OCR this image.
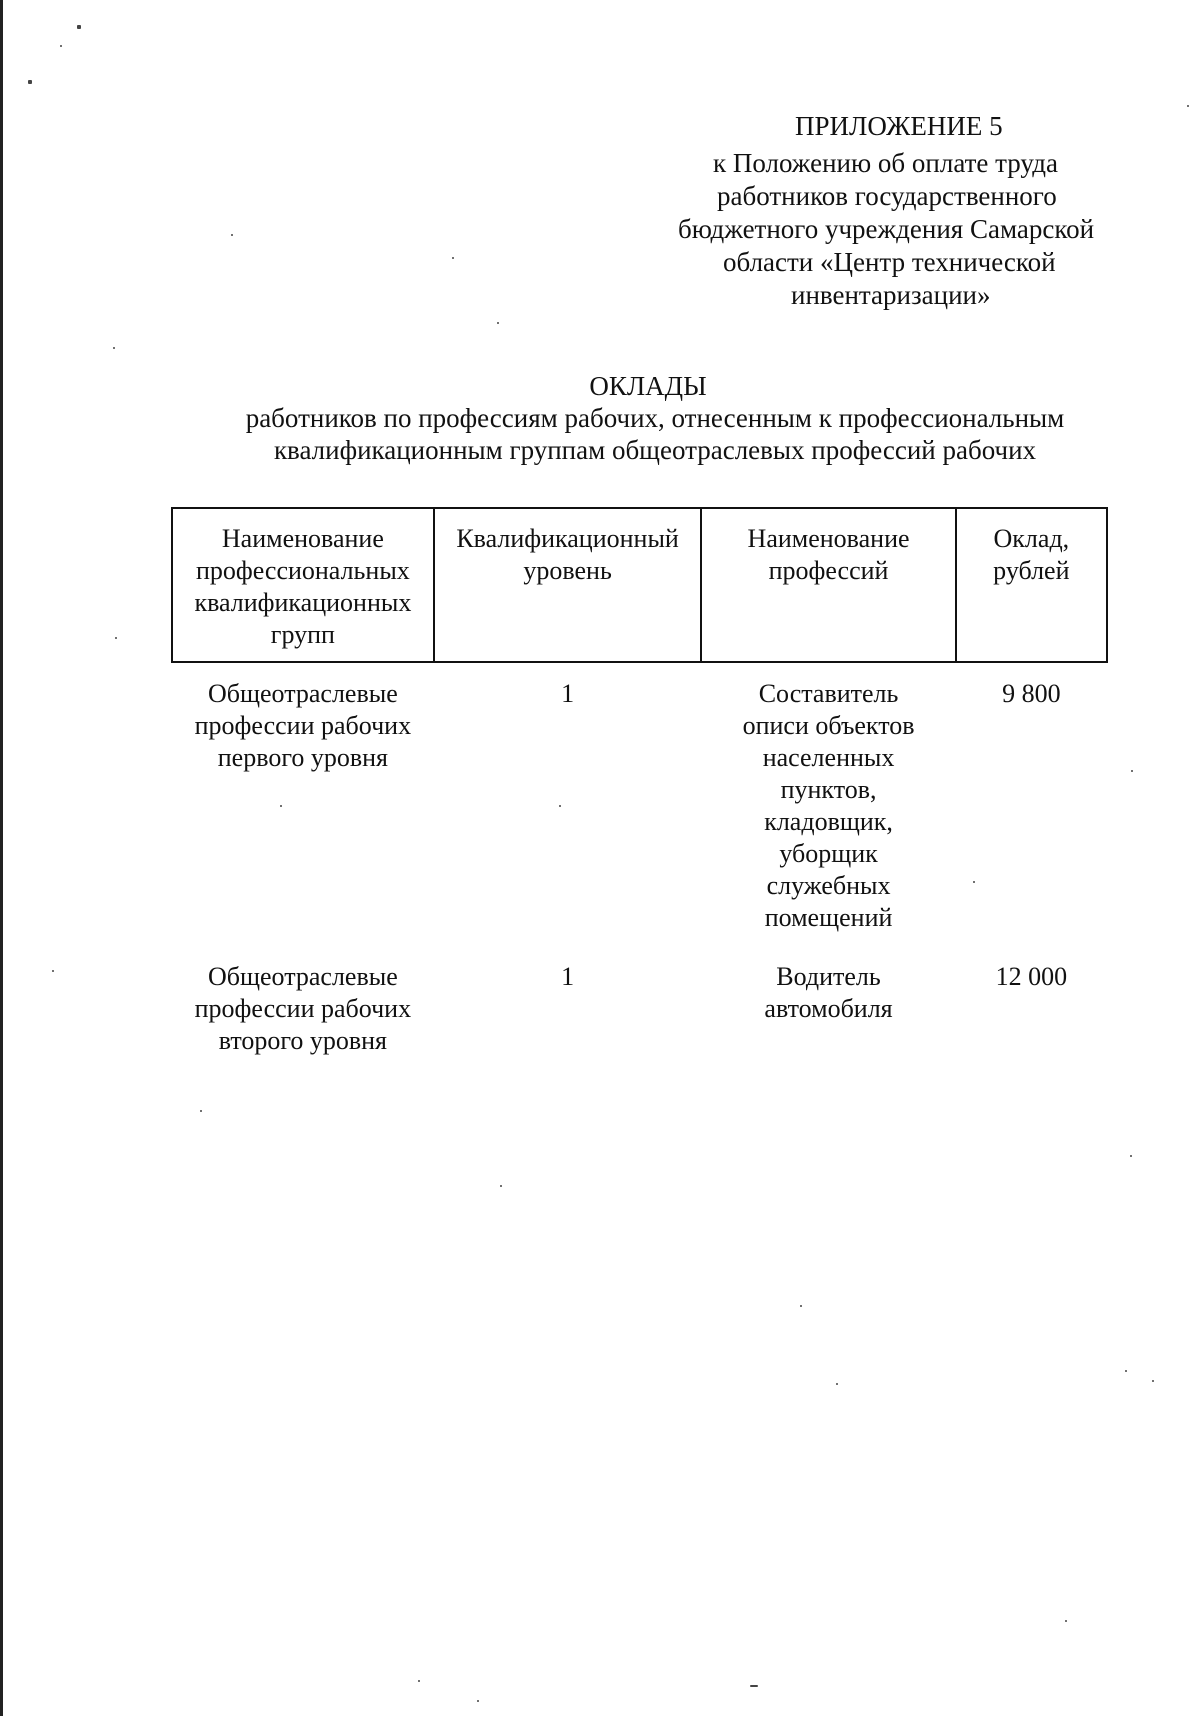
ПРИЛОЖЕНИЕ 5
к Положению об оплате труда
работников государственного
бюджетного учреждения Самарской
области «Центр технической
инвентаризации»
ОКЛАДЫ
работников по профессиям рабочих, отнесенным к профессиональным
квалификационным группам общеотраслевых профессий рабочих
Наименование профессиональных квалификационных групп	Квалификационный уровень	Наименование профессий	Оклад, рублей
Общеотраслевые профессии рабочих первого уровня	1	Составитель описи объектов населенных пунктов, кладовщик, уборщик служебных помещений	9 800
Общеотраслевые профессии рабочих второго уровня	1	Водитель автомобиля	12 000
